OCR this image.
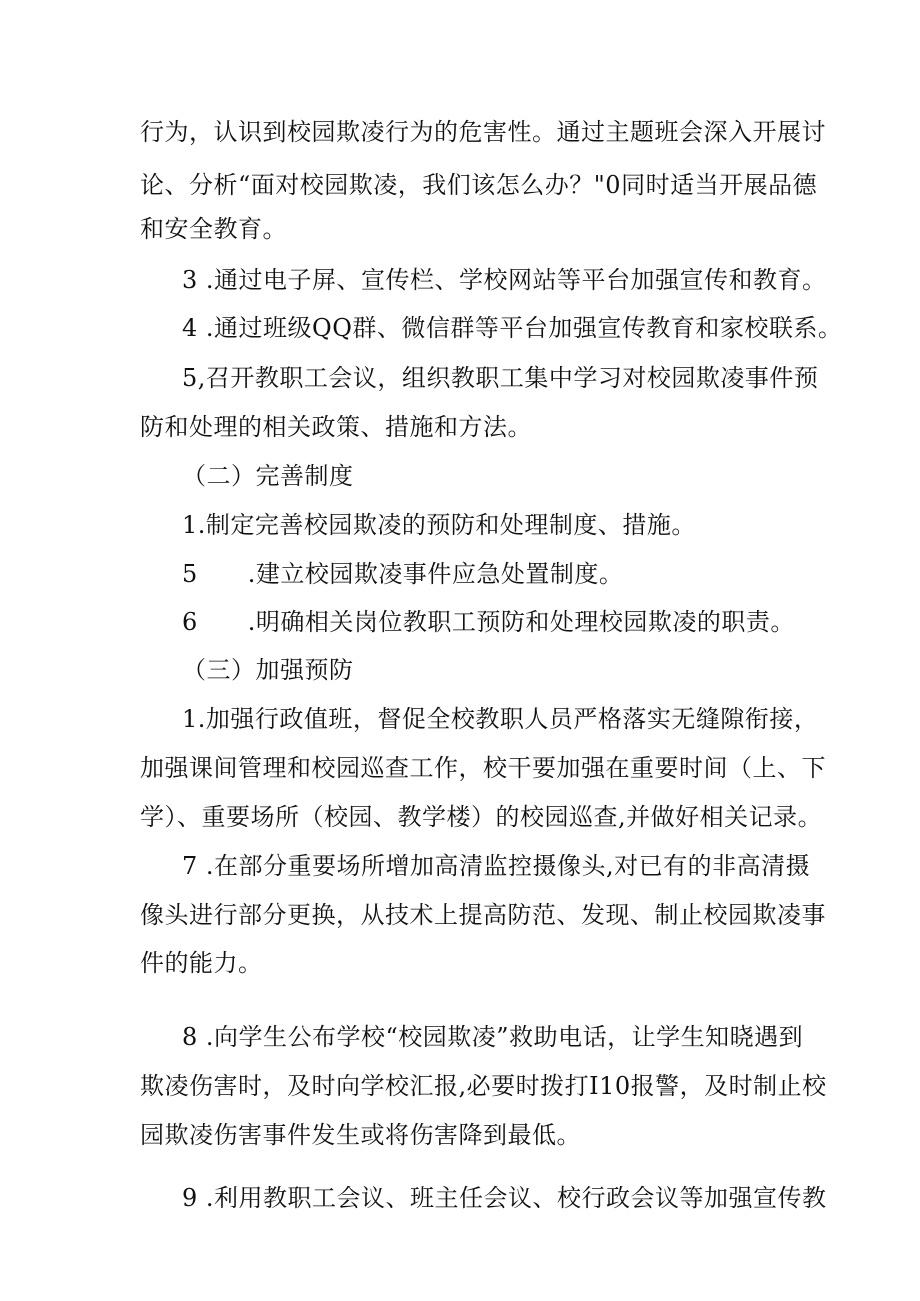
行为，认识到校园欺凌行为的危害性。通过主题班会深入开展讨
论、分析“面对校园欺凌，我们该怎么办？"0同时适当开展品德
和安全教育。
3 .通过电子屏、宣传栏、学校网站等平台加强宣传和教育。
4 .通过班级QQ群、微信群等平台加强宣传教育和家校联系。
5,召开教职工会议，组织教职工集中学习对校园欺凌事件预
防和处理的相关政策、措施和方法。
（二）完善制度
1.制定完善校园欺凌的预防和处理制度、措施。
5 .建立校园欺凌事件应急处置制度。
6 .明确相关岗位教职工预防和处理校园欺凌的职责。
（三）加强预防
1.加强行政值班，督促全校教职人员严格落实无缝隙衔接，
加强课间管理和校园巡查工作，校干要加强在重要时间（上、下
学）、重要场所（校园、教学楼）的校园巡查,并做好相关记录。
7 .在部分重要场所增加高清监控摄像头,对已有的非高清摄
像头进行部分更换，从技术上提高防范、发现、制止校园欺凌事
件的能力。
8 .向学生公布学校“校园欺凌”救助电话，让学生知晓遇到
欺凌伤害时，及时向学校汇报,必要时拨打I10报警，及时制止校
园欺凌伤害事件发生或将伤害降到最低。
9 .利用教职工会议、班主任会议、校行政会议等加强宣传教
